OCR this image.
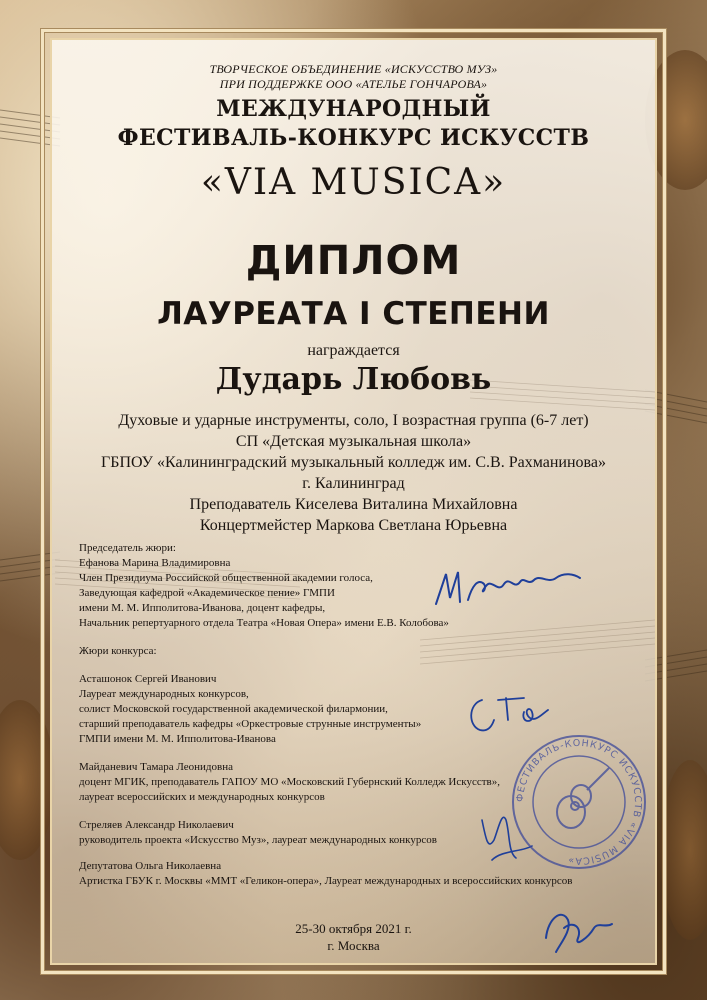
ТВОРЧЕСКОЕ ОБЪЕДИНЕНИЕ «ИСКУССТВО МУЗ»
ПРИ ПОДДЕРЖКЕ ООО «АТЕЛЬЕ ГОНЧАРОВА»
МЕЖДУНАРОДНЫЙ
ФЕСТИВАЛЬ-КОНКУРС ИСКУССТВ
«VIA MUSICA»
ДИПЛОМ
ЛАУРЕАТА I СТЕПЕНИ
награждается
Дударь Любовь
Духовые и ударные инструменты, соло, I возрастная группа (6-7 лет)
СП «Детская музыкальная школа»
ГБПОУ «Калининградский музыкальный колледж им. С.В. Рахманинова»
г. Калининград
Преподаватель Киселева Виталина Михайловна
Концертмейстер Маркова Светлана Юрьевна
Председатель жюри:
Ефанова Марина Владимировна
Член Президиума Российской общественной академии голоса,
Заведующая кафедрой «Академическое пение» ГМПИ
имени М. М. Ипполитова-Иванова, доцент кафедры,
Начальник репертуарного отдела Театра «Новая Опера» имени Е.В. Колобова»
Жюри конкурса:
Асташонок Сергей Иванович
Лауреат международных конкурсов,
солист Московской государственной академической филармонии,
старший преподаватель кафедры «Оркестровые струнные инструменты»
ГМПИ имени М. М. Ипполитова-Иванова
Майданевич Тамара Леонидовна
доцент МГИК, преподаватель ГАПОУ МО «Московский Губернский Колледж Искусств»,
лауреат всероссийских и международных конкурсов
Стреляев Александр Николаевич
руководитель проекта «Искусство Муз», лауреат международных конкурсов
Депутатова Ольга Николаевна
Артистка ГБУК г. Москвы «ММТ «Геликон-опера», Лауреат международных и всероссийских конкурсов
ФЕСТИВАЛЬ-КОНКУРС ИСКУССТВ «VIA MUSICA»
25-30 октября 2021 г.
г. Москва
